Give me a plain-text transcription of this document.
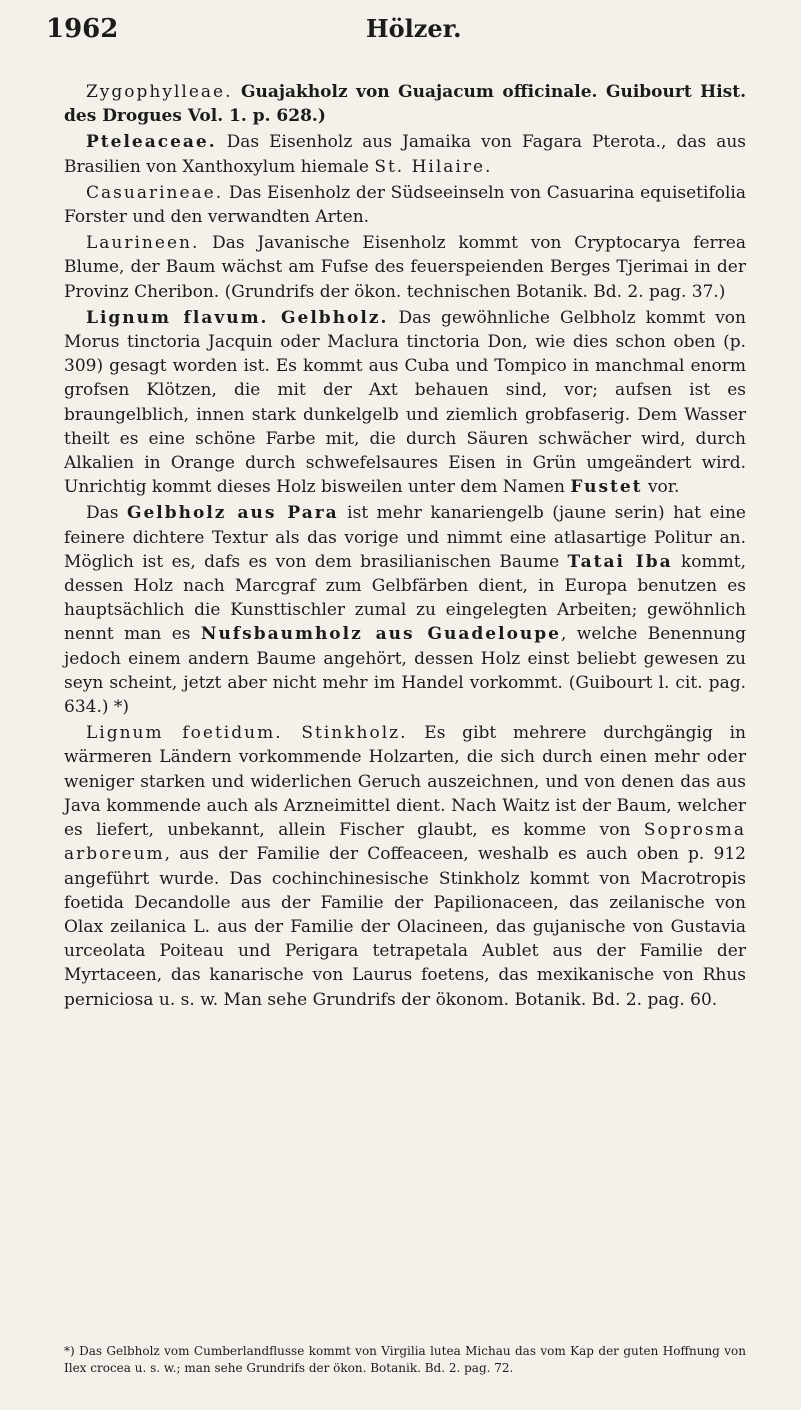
1962	Hölzer.

Zygophylleae. Guajakholz von Guajacum officinale. Guibourt Hist. des Drogues Vol. 1. p. 628.)

Pteleaceae. Das Eisenholz aus Jamaika von Fagara Pterota., das aus Brasilien von Xanthoxylum hiemale St. Hilaire.

Casuarineae. Das Eisenholz der Südseeinseln von Casuarina equisetifolia Forster und den verwandten Arten.

Laurineen. Das Javanische Eisenholz kommt von Cryptocarya ferrea Blume, der Baum wächst am Fufse des feuerspeienden Berges Tjerimai in der Provinz Cheribon. (Grundrifs der ökon. technischen Botanik. Bd. 2. pag. 37.)

Lignum flavum. Gelbholz. Das gewöhnliche Gelbholz kommt von Morus tinctoria Jacquin oder Maclura tinctoria Don, wie dies schon oben (p. 309) gesagt worden ist. Es kommt aus Cuba und Tompico in manchmal enorm grofsen Klötzen, die mit der Axt behauen sind, vor; aufsen ist es braungelblich, innen stark dunkelgelb und ziemlich grobfaserig. Dem Wasser theilt es eine schöne Farbe mit, die durch Säuren schwächer wird, durch Alkalien in Orange durch schwefelsaures Eisen in Grün umgeändert wird. Unrichtig kommt dieses Holz bisweilen unter dem Namen Fustet vor.

Das Gelbholz aus Para ist mehr kanariengelb (jaune serin) hat eine feinere dichtere Textur als das vorige und nimmt eine atlasartige Politur an. Möglich ist es, dafs es von dem brasilianischen Baume Tatai Iba kommt, dessen Holz nach Marcgraf zum Gelbfärben dient, in Europa benutzen es hauptsächlich die Kunsttischler zumal zu eingelegten Arbeiten; gewöhnlich nennt man es Nufsbaumholz aus Guadeloupe, welche Benennung jedoch einem andern Baume angehört, dessen Holz einst beliebt gewesen zu seyn scheint, jetzt aber nicht mehr im Handel vorkommt. (Guibourt l. cit. pag. 634.) *)

Lignum foetidum. Stinkholz. Es gibt mehrere durchgängig in wärmeren Ländern vorkommende Holzarten, die sich durch einen mehr oder weniger starken und widerlichen Geruch auszeichnen, und von denen das aus Java kommende auch als Arzneimittel dient. Nach Waitz ist der Baum, welcher es liefert, unbekannt, allein Fischer glaubt, es komme von Soprosma arboreum, aus der Familie der Coffeaceen, weshalb es auch oben p. 912 angeführt wurde. Das cochinchinesische Stinkholz kommt von Macrotropis foetida Decandolle aus der Familie der Papilionaceen, das zeilanische von Olax zeilanica L. aus der Familie der Olacineen, das gujanische von Gustavia urceolata Poiteau und Perigara tetrapetala Aublet aus der Familie der Myrtaceen, das kanarische von Laurus foetens, das mexikanische von Rhus perniciosa u. s. w. Man sehe Grundrifs der ökonom. Botanik. Bd. 2. pag. 60.

*) Das Gelbholz vom Cumberlandflusse kommt von Virgilia lutea Michau das vom Kap der guten Hoffnung von Ilex crocea u. s. w.; man sehe Grundrifs der ökon. Botanik. Bd. 2. pag. 72.
